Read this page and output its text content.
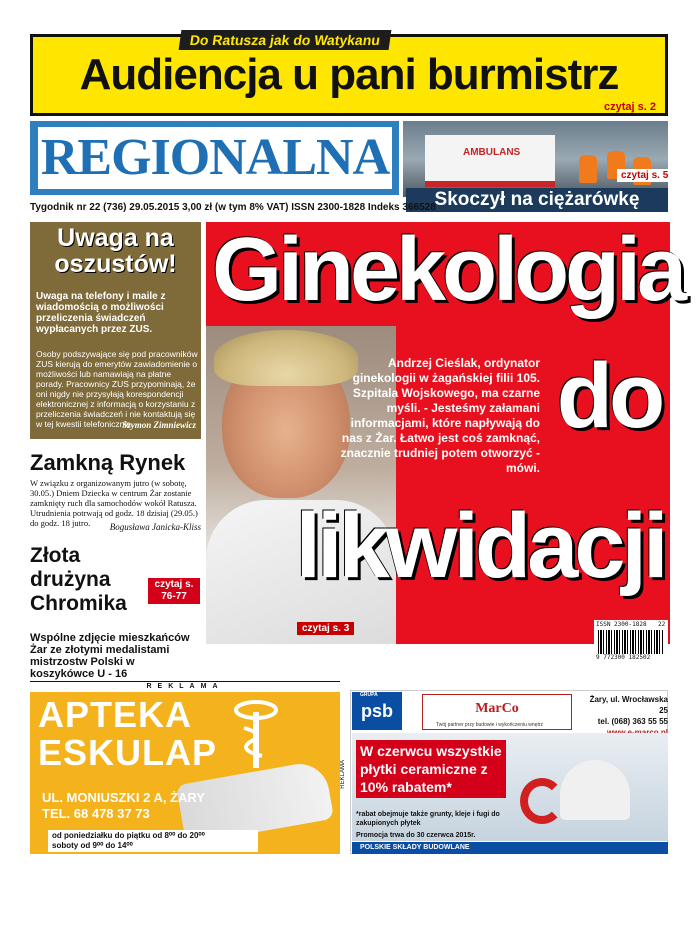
Do Ratusza jak do Watykanu
Audiencja u pani burmistrz
czytaj s. 2
REGIONALNA	AMBULANS
czytaj s. 5
Skoczył na ciężarówkę
Tygodnik nr 22 (736) 29.05.2015 3,00 zł (w tym 8% VAT) ISSN 2300-1828 Indeks 366528
Uwaga na oszustów!
Uwaga na telefony i maile z wiadomością o możliwości przeliczenia świadczeń wypłacanych przez ZUS.
Osoby podszywające się pod pracowników ZUS kierują do emerytów zawiadomienie o możliwości lub namawiają na płatne porady. Pracownicy ZUS przypominają, że oni nigdy nie przysyłają korespondencji elektronicznej z informacją o korzystaniu z przeliczenia świadczeń i nie kontaktują się w tej kwestii telefonicznie.
Szymon Zimniewicz
Zamkną Rynek
W związku z organizowanym jutro (w sobotę, 30.05.) Dniem Dziecka w centrum Żar zostanie zamknięty ruch dla samochodów wokół Ratusza. Utrudnienia potrwają od godz. 18 dzisiaj (29.05.) do godz. 18 jutro.	Bogusława Janicka-Kliss
Złota drużyna Chromika
czytaj s. 76-77
Wspólne zdjęcie mieszkańców Żar ze złotymi medalistami mistrzostw Polski w koszykówce U - 16
Ginekologia
do
likwidacji
Andrzej Cieślak, ordynator ginekologii w żagańskiej filii 105. Szpitala Wojskowego, ma czarne myśli. - Jesteśmy załamani informacjami, które napływają do nas z Żar. Łatwo jest coś zamknąć, znacznie trudniej potem otworzyć - mówi.
czytaj s. 3	ISSN 2300-1828
9 772300 182502
22
REKLAMA
APTEKA
ESKULAP
UL. MONIUSZKI 2 A, ŻARY
TEL. 68 478 37 73
od poniedziałku do piątku od 8⁰⁰ do 20⁰⁰
soboty od 9⁰⁰ do 14⁰⁰
REKLAMA
psb
GRUPA
MarCo
Twój partner przy budowie i wykończeniu wnętrz
Żary, ul. Wrocławska 25
tel. (068) 363 55 55
W czerwcu wszystkie płytki ceramiczne z 10% rabatem*
*rabat obejmuje także grunty, kleje i fugi do zakupionych płytek
Promocja trwa do 30 czerwca 2015r.
POLSKIE SKŁADY BUDOWLANE
